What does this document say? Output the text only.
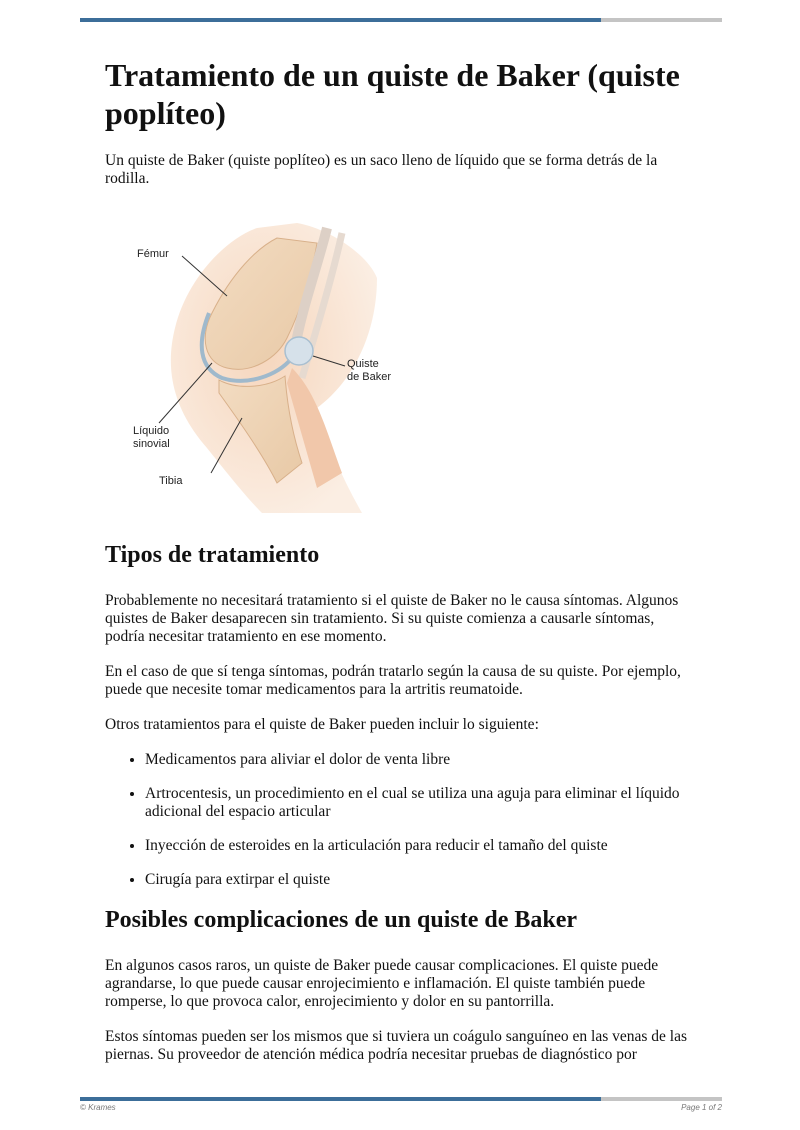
Tratamiento de un quiste de Baker (quiste poplíteo)

Un quiste de Baker (quiste poplíteo) es un saco lleno de líquido que se forma detrás de la rodilla.

Fémur
Quiste
de Baker
Líquido
sinovial
Tibia
Tipos de tratamiento

Probablemente no necesitará tratamiento si el quiste de Baker no le causa síntomas. Algunos quistes de Baker desaparecen sin tratamiento. Si su quiste comienza a causarle síntomas, podría necesitar tratamiento en ese momento.

En el caso de que sí tenga síntomas, podrán tratarlo según la causa de su quiste. Por ejemplo, puede que necesite tomar medicamentos para la artritis reumatoide.

Otros tratamientos para el quiste de Baker pueden incluir lo siguiente:

• Medicamentos para aliviar el dolor de venta libre
• Artrocentesis, un procedimiento en el cual se utiliza una aguja para eliminar el líquido adicional del espacio articular
• Inyección de esteroides en la articulación para reducir el tamaño del quiste
• Cirugía para extirpar el quiste
Posibles complicaciones de un quiste de Baker

En algunos casos raros, un quiste de Baker puede causar complicaciones. El quiste puede agrandarse, lo que puede causar enrojecimiento e inflamación. El quiste también puede romperse, lo que provoca calor, enrojecimiento y dolor en su pantorrilla.

Estos síntomas pueden ser los mismos que si tuviera un coágulo sanguíneo en las venas de las piernas. Su proveedor de atención médica podría necesitar pruebas de diagnóstico por

© Krames	Page 1 of 2
